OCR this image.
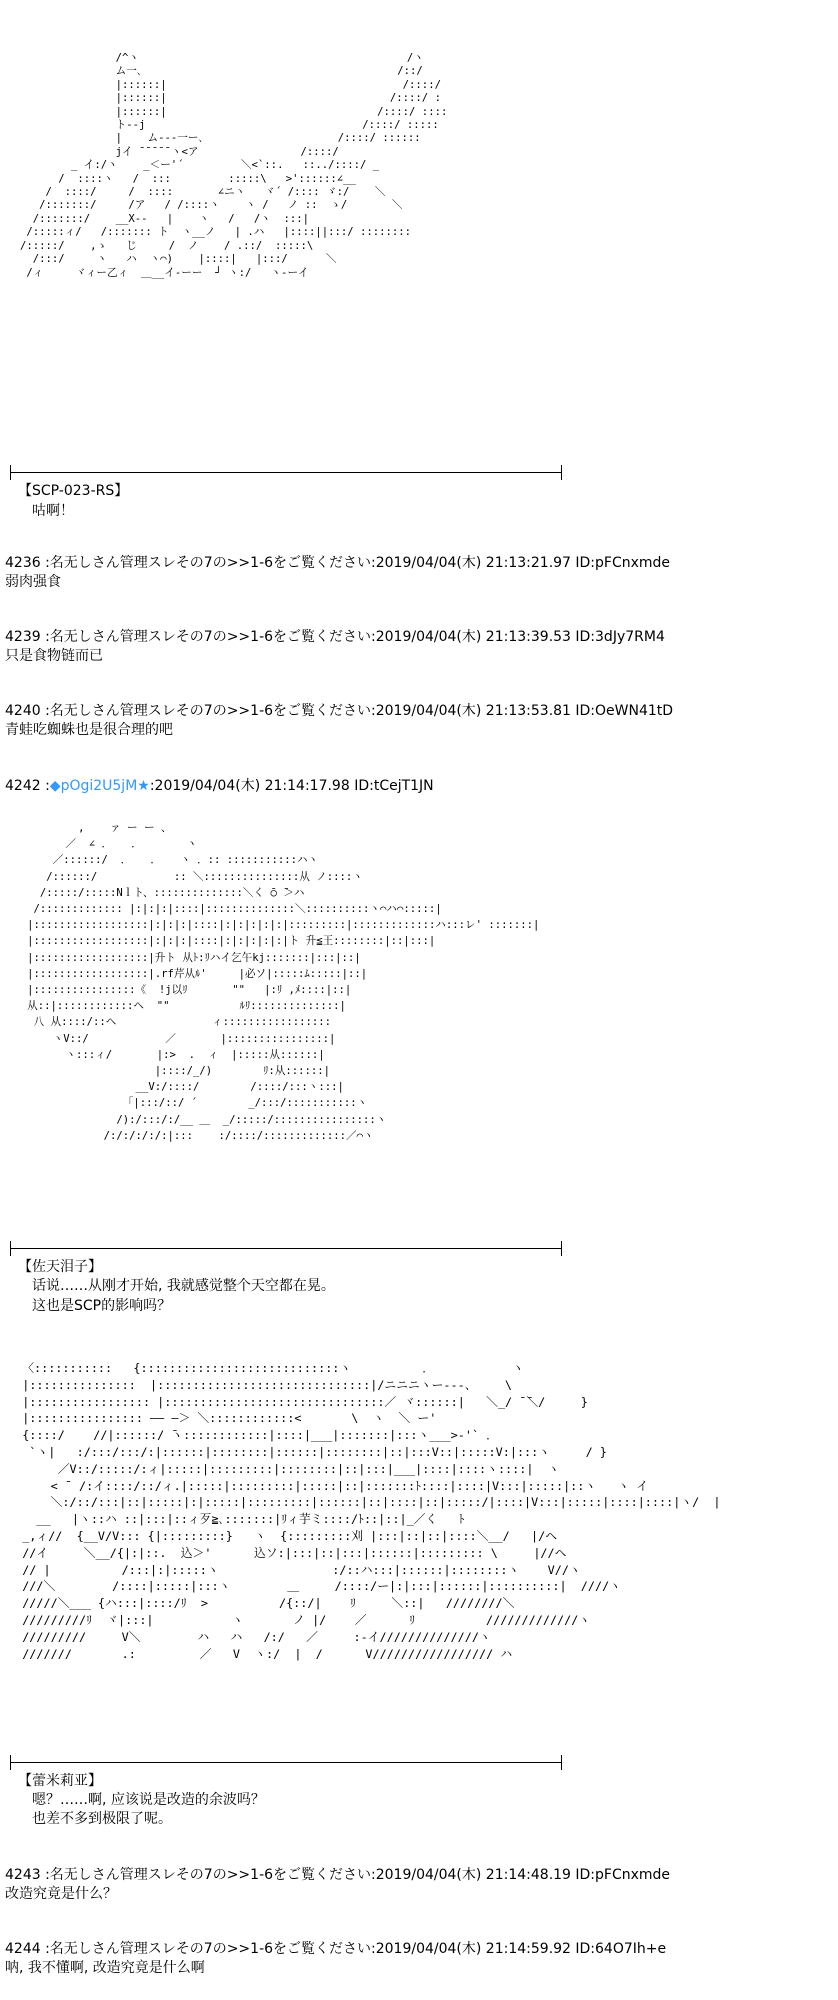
/^ヽ                                          /ヽ
ム一､                                        /::/
|::::::|                                     /::::/
|::::::|                                   /::::/ :
|::::::|                                 /::::/ ::::
ト--j                                  /::::/ :::::
|    ム---一ー､                     /::::/ ::::::
jイ ̄ ̄ ̄ ̄ ̄ ヽ<ア                /::::/
_ イ:/ヽ    _＜ー'´         ＼<`::.   ::../::::/ _
/  ::::ヽ   /  :::         :::::\   >'::::::∠__
/  ::::/     /  ::::       ∠ニヽ   ヾ´ /:::: ゞ:/    ＼
/:::::::/     /ア   / /::::ヽ    ヽ /   ノ ::  ゝ/       ＼
/:::::::/    __X--   |    ヽ   /   /ヽ  :::|
/:::::ィ/   /::::::: ト  ヽ__ノ   | .ハ   |::::||:::/ ::::::::
/:::::/    ,ゝ   じ     /  ノ    / .::/  :::::\
/:::/     ヽ   ハ  ヽ⌒)    |::::|   |:::/      ＼
/ィ     ヾィー乙ィ  ＿__イ-ーー  ┘ ヽ:/   ヽ-ーイ
【SCP-023-RS】
咕啊！
4236 :名无しさん管理スレその7の>>1-6をご覧ください:2019/04/04(木) 21:13:21.97 ID:pFCnxmde
弱肉强食
4239 :名无しさん管理スレその7の>>1-6をご覧ください:2019/04/04(木) 21:13:39.53 ID:3dJy7RM4
只是食物链而已
4240 :名无しさん管理スレその7の>>1-6をご覧ください:2019/04/04(木) 21:13:53.81 ID:OeWN41tD
青蛙吃蜘蛛也是很合理的吧
4242 :◆pOgi2U5jM★:2019/04/04(木) 21:14:17.98 ID:tCejT1JN
,    ァ ー ー 、
／  ∠ ．   ．       ヽ
／::::::/  ．   ．   ヽ ．:: :::::::::::ハヽ
/::::::/            :: ＼:::::::::::::::从 ノ::::ヽ
/:::::/:::::Nｌト、::::::::::::::＼く ̄○ ̄＞ハ
/::::::::::::: |:|:|:|::::|::::::::::::::＼::::::::::ヽ⌒ハ⌒:::::|
|::::::::::::::::::|:|:|:|::::|:|:|:|:|:|:::::::::|:::::::::::::ハ:::レ' :::::::|
|::::::::::::::::::|:|:|:|::::|:|:|:|:|:|ト 升≦王::::::::|::|:::|
|::::::::::::::::::|升ト 从ﾄ:ﾘハイ乞午kj:::::::|:::|::|
|::::::::::::::::::|.rf芹从ﾙ'     |必ソ|:::::ﾑ:::::|::|
|::::::::::::::::《  !j以ﾘ       ""   |:ﾘ ,ﾒ::::|::|
从::|::::::::::::ヘ  ""           ﾙﾘ::::::::::::::|
八 从::::/::ヘ               ィ:::::::::::::::::
ヽV::/            ／       |::::::::::::::::|
ヽ:::ィ/       |:>  .  ィ  |:::::从::::::|
|::::/_/)        ﾘ:从::::::|
__V:/::::/        /::::/:::ヽ:::|
「|:::/::/ ´        _/:::/:::::::::::ヽ
/):/:::/:/__ ＿  _/:::::/::::::::::::::::ヽ
/:/:/:/:/:|:::    :/::::/:::::::::::::／⌒ヽ
【佐天泪子】
话说……从刚才开始, 我就感觉整个天空都在晃。
这也是SCP的影响吗？
〈:::::::::::   {::::::::::::::::::::::::::::ヽ          ．           ヽ
|:::::::::::::::  |::::::::::::::::::::::::::::::|/ニニニヽー---、    \
|::::::::::::::::: |:::::::::::::::::::::::::::::::／ ヾ::::::|   ＼_/ ̄ ̄＼/     }
|:::::::::::::::: ―― ―＞ ＼::::::::::::<       \  ヽ  ＼ ー'
{::::/    //|::::::/ ̄ヽ::::::::::::|::::|___|:::::::|:::ヽ___>-'` ．
`ヽ|   :/:::/:::/:|::::::|::::::::|::::::|::::::::|::|:::V::|:::::V:|:::ヽ     / }
／V::/:::::/:ィ|:::::|:::::::::|::::::::|::|:::|___|::::|::::ヽ::::|  ヽ
< ¯ /:イ::::/::/ィ.|:::::|:::::::::|:::::|::|:::::::ﾄ::::|::::|V:::|:::::|::ヽ   ヽ イ
＼:/::/:::|::|:::::|:|:::::|:::::::::|::::::|::|::::|::|:::::/|::::|V:::|:::::|::::|::::|ヽ/  |
__   |ヽ::ハ ::|:::|::ィ歹≧､:::::::|ﾘィ芋ミ::::/ﾄ::|::|_／く   ﾄ
_,ィ//  {__V/V::: {|:::::::::}   ヽ  {:::::::::刈 |:::|::|::|::::＼__/   |/ヘ
//イ     ＼__/{|:|::.  込＞'      込ソ:|:::|::|:::|::::::|::::::::: \     |//ヘ
// |          /:::|:|:::::ヽ                :/::ハ:::|::::::|::::::::ヽ    V//ヽ
///＼        /::::|:::::|:::ヽ        ＿     /::::/ー|:|:::|::::::|::::::::::|  ////ヽ
/////＼___ {ハ:::|::::/ﾘ  >          /{::/|    ﾘ     ＼::|   ////////＼
/////////ﾘ  ヾ|:::|           ヽ       ノ |/    ／      ﾘ          /////////////ヽ
/////////     V＼        ハ   ハ   /:/   ／     :-イ//////////////ヽ
///////       .:         ／   V  ヽ:/  |  /      V///////////////// ハ
【蕾米莉亚】
嗯？……啊, 应该说是改造的余波吗？
也差不多到极限了呢。
4243 :名无しさん管理スレその7の>>1-6をご覧ください:2019/04/04(木) 21:14:48.19 ID:pFCnxmde
改造究竟是什么？
4244 :名无しさん管理スレその7の>>1-6をご覧ください:2019/04/04(木) 21:14:59.92 ID:64O7Ih+e
呐, 我不懂啊, 改造究竟是什么啊
